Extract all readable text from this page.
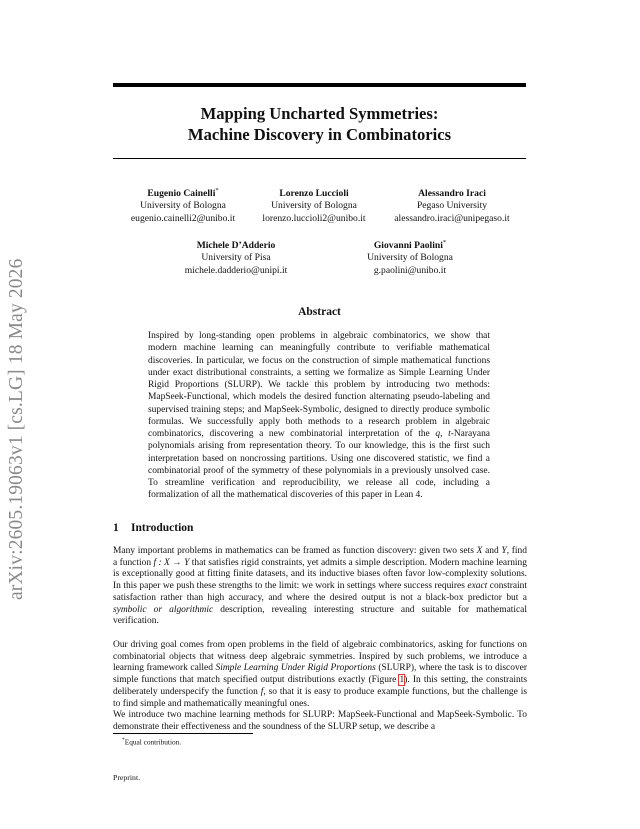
arXiv:2605.19063v1 [cs.LG] 18 May 2026
Mapping Uncharted Symmetries:
Machine Discovery in Combinatorics
Eugenio Cainelli*
University of Bologna
eugenio.cainelli2@unibo.it
Lorenzo Luccioli
University of Bologna
lorenzo.luccioli2@unibo.it
Alessandro Iraci
Pegaso University
alessandro.iraci@unipegaso.it
Michele D’Adderio
University of Pisa
michele.dadderio@unipi.it
Giovanni Paolini*
University of Bologna
g.paolini@unibo.it
Abstract

Inspired by long-standing open problems in algebraic combinatorics, we show that modern machine learning can meaningfully contribute to verifiable mathematical discoveries. In particular, we focus on the construction of simple mathematical functions under exact distributional constraints, a setting we formalize as Simple Learning Under Rigid Proportions (SLURP). We tackle this problem by introducing two methods: MapSeek-Functional, which models the desired function alternating pseudo-labeling and supervised training steps; and MapSeek-Symbolic, designed to directly produce symbolic formulas. We successfully apply both methods to a research problem in algebraic combinatorics, discovering a new combinatorial interpretation of the q, t-Narayana polynomials arising from representation theory. To our knowledge, this is the first such interpretation based on noncrossing partitions. Using one discovered statistic, we find a combinatorial proof of the symmetry of these polynomials in a previously unsolved case. To streamline verification and reproducibility, we release all code, including a formalization of all the mathematical discoveries of this paper in Lean 4.

1 Introduction

Many important problems in mathematics can be framed as function discovery: given two sets X and Y, find a function f : X → Y that satisfies rigid constraints, yet admits a simple description. Modern machine learning is exceptionally good at fitting finite datasets, and its inductive biases often favor low-complexity solutions. In this paper we push these strengths to the limit: we work in settings where success requires exact constraint satisfaction rather than high accuracy, and where the desired output is not a black-box predictor but a symbolic or algorithmic description, revealing interesting structure and suitable for mathematical verification.

Our driving goal comes from open problems in the field of algebraic combinatorics, asking for functions on combinatorial objects that witness deep algebraic symmetries. Inspired by such problems, we introduce a learning framework called Simple Learning Under Rigid Proportions (SLURP), where the task is to discover simple functions that match specified output distributions exactly (Figure 1). In this setting, the constraints deliberately underspecify the function f, so that it is easy to produce example functions, but the challenge is to find simple and mathematically meaningful ones.

We introduce two machine learning methods for SLURP: MapSeek-Functional and MapSeek-Symbolic. To demonstrate their effectiveness and the soundness of the SLURP setup, we describe a

*Equal contribution.
Preprint.
